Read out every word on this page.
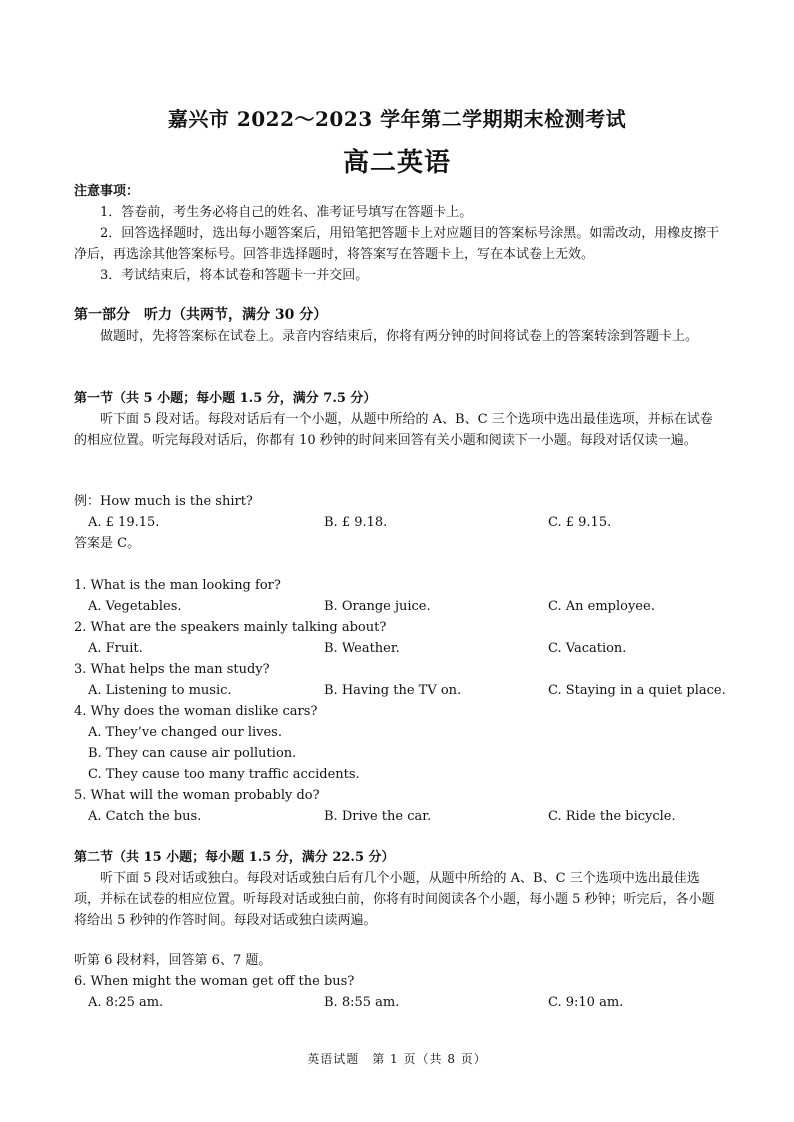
嘉兴市 2022～2023 学年第二学期期末检测考试
高二英语
注意事项：
1．答卷前，考生务必将自己的姓名、准考证号填写在答题卡上。
2．回答选择题时，选出每小题答案后，用铅笔把答题卡上对应题目的答案标号涂黑。如需改动，用橡皮擦干净后，再选涂其他答案标号。回答非选择题时，将答案写在答题卡上，写在本试卷上无效。
3．考试结束后，将本试卷和答题卡一并交回。
第一部分　听力（共两节，满分 30 分）
做题时，先将答案标在试卷上。录音内容结束后，你将有两分钟的时间将试卷上的答案转涂到答题卡上。
第一节（共 5 小题；每小题 1.5 分，满分 7.5 分）
听下面 5 段对话。每段对话后有一个小题，从题中所给的 A、B、C 三个选项中选出最佳选项，并标在试卷的相应位置。听完每段对话后，你都有 10 秒钟的时间来回答有关小题和阅读下一小题。每段对话仅读一遍。
例：How much is the shirt?
A. £ 19.15.	B. £ 9.18.	C. £ 9.15.
答案是 C。
1. What is the man looking for?
A. Vegetables.	B. Orange juice.	C. An employee.
2. What are the speakers mainly talking about?
A. Fruit.	B. Weather.	C. Vacation.
3. What helps the man study?
A. Listening to music.	B. Having the TV on.	C. Staying in a quiet place.
4. Why does the woman dislike cars?
A. They’ve changed our lives.
B. They can cause air pollution.
C. They cause too many traffic accidents.
5. What will the woman probably do?
A. Catch the bus.	B. Drive the car.	C. Ride the bicycle.
第二节（共 15 小题；每小题 1.5 分，满分 22.5 分）
听下面 5 段对话或独白。每段对话或独白后有几个小题，从题中所给的 A、B、C 三个选项中选出最佳选项，并标在试卷的相应位置。听每段对话或独白前，你将有时间阅读各个小题，每小题 5 秒钟；听完后，各小题将给出 5 秒钟的作答时间。每段对话或独白读两遍。
听第 6 段材料，回答第 6、7 题。
6. When might the woman get off the bus?
A. 8:25 am.	B. 8:55 am.	C. 9:10 am.
英语试题　第 1 页（共 8 页）
